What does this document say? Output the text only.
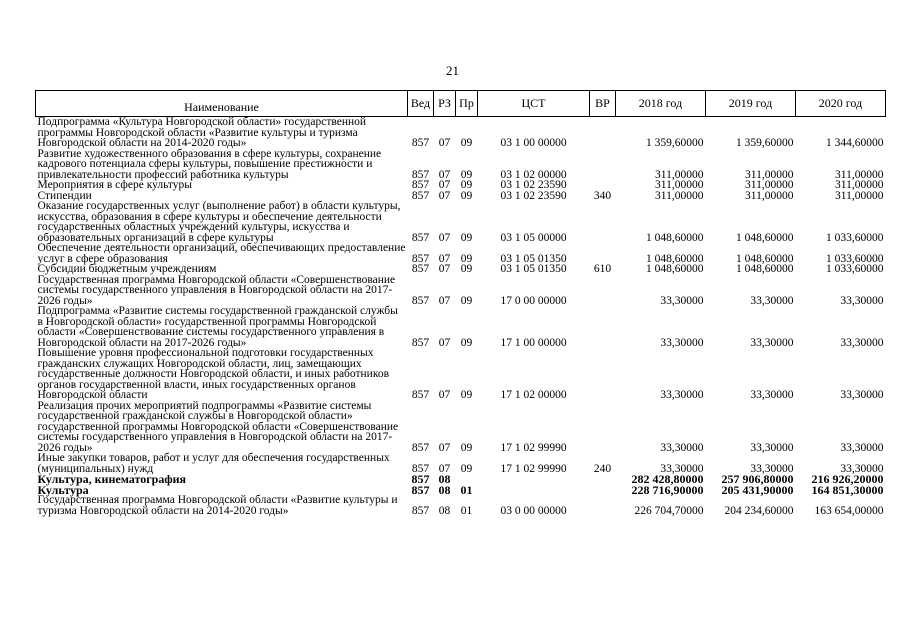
21
Наименование	Вед	РЗ	Пр	ЦСТ	ВР	2018 год	2019 год	2020 год
Подпрограмма «Культура Новгородской области» государственной программы Новгородской области «Развитие культуры и туризма Новгородской области на 2014-2020 годы»	857	07	09	03 1 00 00000		1 359,60000	1 359,60000	1 344,60000
Развитие художественного образования в сфере культуры, сохранение кадрового потенциала сферы культуры, повышение престижности и привлекательности профессий работника культуры	857	07	09	03 1 02 00000		311,00000	311,00000	311,00000
Мероприятия в сфере культуры	857	07	09	03 1 02 23590		311,00000	311,00000	311,00000
Стипендии	857	07	09	03 1 02 23590	340	311,00000	311,00000	311,00000
Оказание государственных услуг (выполнение работ) в области культуры, искусства, образования в сфере культуры и обеспечение деятельности государственных областных учреждений культуры, искусства и образовательных организаций в сфере культуры	857	07	09	03 1 05 00000		1 048,60000	1 048,60000	1 033,60000
Обеспечение деятельности организаций, обеспечивающих предоставление услуг в сфере образования	857	07	09	03 1 05 01350		1 048,60000	1 048,60000	1 033,60000
Субсидии бюджетным учреждениям	857	07	09	03 1 05 01350	610	1 048,60000	1 048,60000	1 033,60000
Государственная программа Новгородской области «Совершенствование системы государственного управления в Новгородской области на 2017-2026 годы»	857	07	09	17 0 00 00000		33,30000	33,30000	33,30000
Подпрограмма «Развитие системы государственной гражданской службы в Новгородской области» государственной программы Новгородской области «Совершенствование системы государственного управления в Новгородской области на 2017-2026 годы»	857	07	09	17 1 00 00000		33,30000	33,30000	33,30000
Повышение уровня профессиональной подготовки государственных гражданских служащих Новгородской области, лиц, замещающих государственные должности Новгородской области, и иных работников органов государственной власти, иных государственных органов Новгородской области	857	07	09	17 1 02 00000		33,30000	33,30000	33,30000
Реализация прочих мероприятий подпрограммы «Развитие системы государственной гражданской службы в Новгородской области» государственной программы Новгородской области «Совершенствование системы государственного управления в Новгородской области на 2017-2026 годы»	857	07	09	17 1 02 99990		33,30000	33,30000	33,30000
Иные закупки товаров, работ и услуг для обеспечения государственных (муниципальных) нужд	857	07	09	17 1 02 99990	240	33,30000	33,30000	33,30000
Культура, кинематография	857	08				282 428,80000	257 906,80000	216 926,20000
Культура	857	08	01			228 716,90000	205 431,90000	164 851,30000
Государственная программа Новгородской области «Развитие культуры и туризма Новгородской области на 2014-2020 годы»	857	08	01	03 0 00 00000		226 704,70000	204 234,60000	163 654,00000
